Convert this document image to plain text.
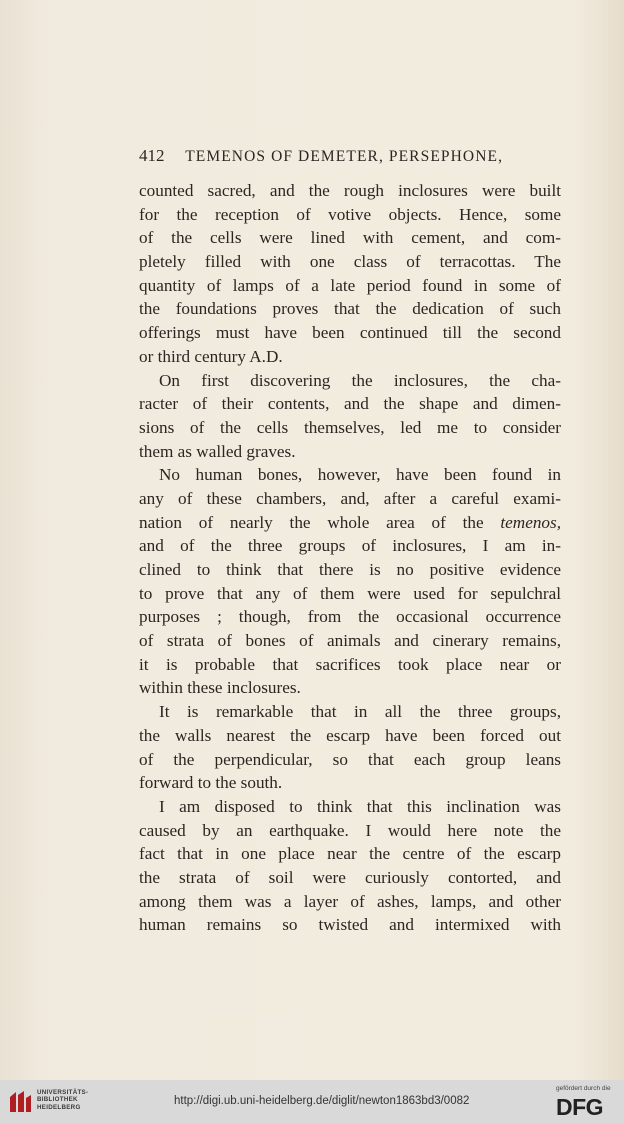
412 TEMENOS OF DEMETER, PERSEPHONE,
counted sacred, and the rough inclosures were built
for the reception of votive objects. Hence, some
of the cells were lined with cement, and com-
pletely filled with one class of terracottas. The
quantity of lamps of a late period found in some of
the foundations proves that the dedication of such
offerings must have been continued till the second
or third century A.D.
On first discovering the inclosures, the cha-
racter of their contents, and the shape and dimen-
sions of the cells themselves, led me to consider
them as walled graves.
No human bones, however, have been found in
any of these chambers, and, after a careful exami-
nation of nearly the whole area of the temenos,
and of the three groups of inclosures, I am in-
clined to think that there is no positive evidence
to prove that any of them were used for sepulchral
purposes ; though, from the occasional occurrence
of strata of bones of animals and cinerary remains,
it is probable that sacrifices took place near or
within these inclosures.
It is remarkable that in all the three groups,
the walls nearest the escarp have been forced out
of the perpendicular, so that each group leans
forward to the south.
I am disposed to think that this inclination was
caused by an earthquake. I would here note the
fact that in one place near the centre of the escarp
the strata of soil were curiously contorted, and
among them was a layer of ashes, lamps, and other
human remains so twisted and intermixed with
UNIVERSITÄTS-
BIBLIOTHEK
HEIDELBERG
http://digi.ub.uni-heidelberg.de/diglit/newton1863bd3/0082
gefördert durch die
DFG
